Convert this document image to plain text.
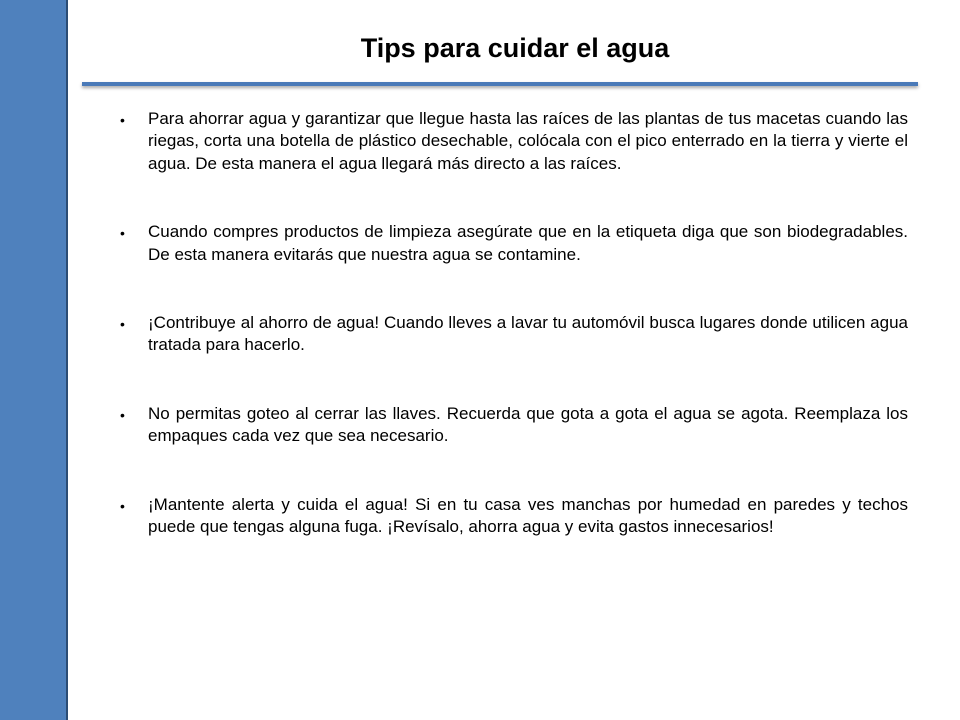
Tips para cuidar el agua
• Para ahorrar agua y garantizar que llegue hasta las raíces de las plantas de tus macetas cuando las riegas, corta una botella de plástico desechable, colócala con el pico enterrado en la tierra y vierte el agua. De esta manera el agua llegará más directo a las raíces.
• Cuando compres productos de limpieza asegúrate que en la etiqueta diga que son biodegradables. De esta manera evitarás que nuestra agua se contamine.
• ¡Contribuye al ahorro de agua! Cuando lleves a lavar tu automóvil busca lugares donde utilicen agua tratada para hacerlo.
• No permitas goteo al cerrar las llaves. Recuerda que gota a gota el agua se agota. Reemplaza los empaques cada vez que sea necesario.
• ¡Mantente alerta y cuida el agua! Si en tu casa ves manchas por humedad en paredes y techos puede que tengas alguna fuga. ¡Revísalo, ahorra agua y evita gastos innecesarios!
